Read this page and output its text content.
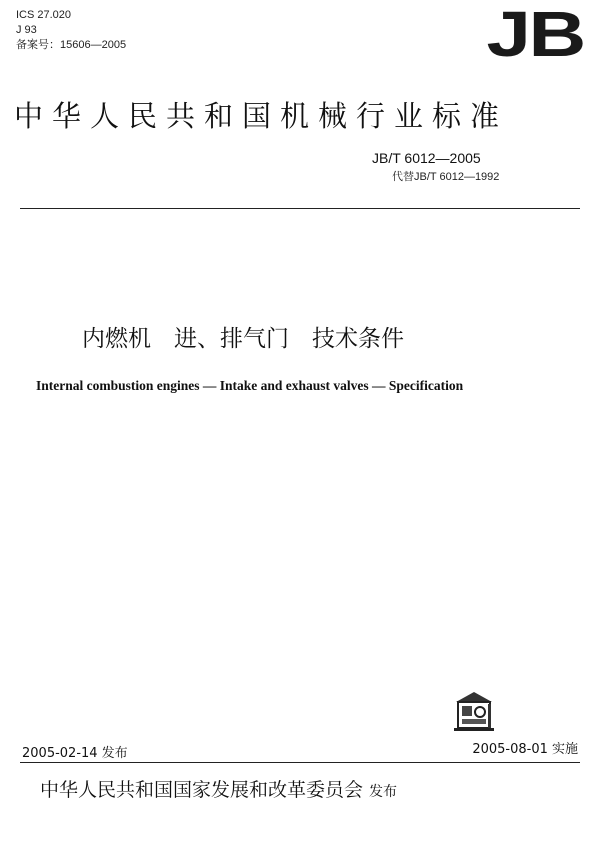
ICS 27.020
J 93
备案号：15606—2005	JB
中华人民共和国机械行业标准
JB/T 6012—2005
代替JB/T 6012—1992
内燃机　进、排气门　技术条件
Internal combustion engines — Intake and exhaust valves — Specification
2005-02-14 发布	2005-08-01 实施
中华人民共和国国家发展和改革委员会 发布
